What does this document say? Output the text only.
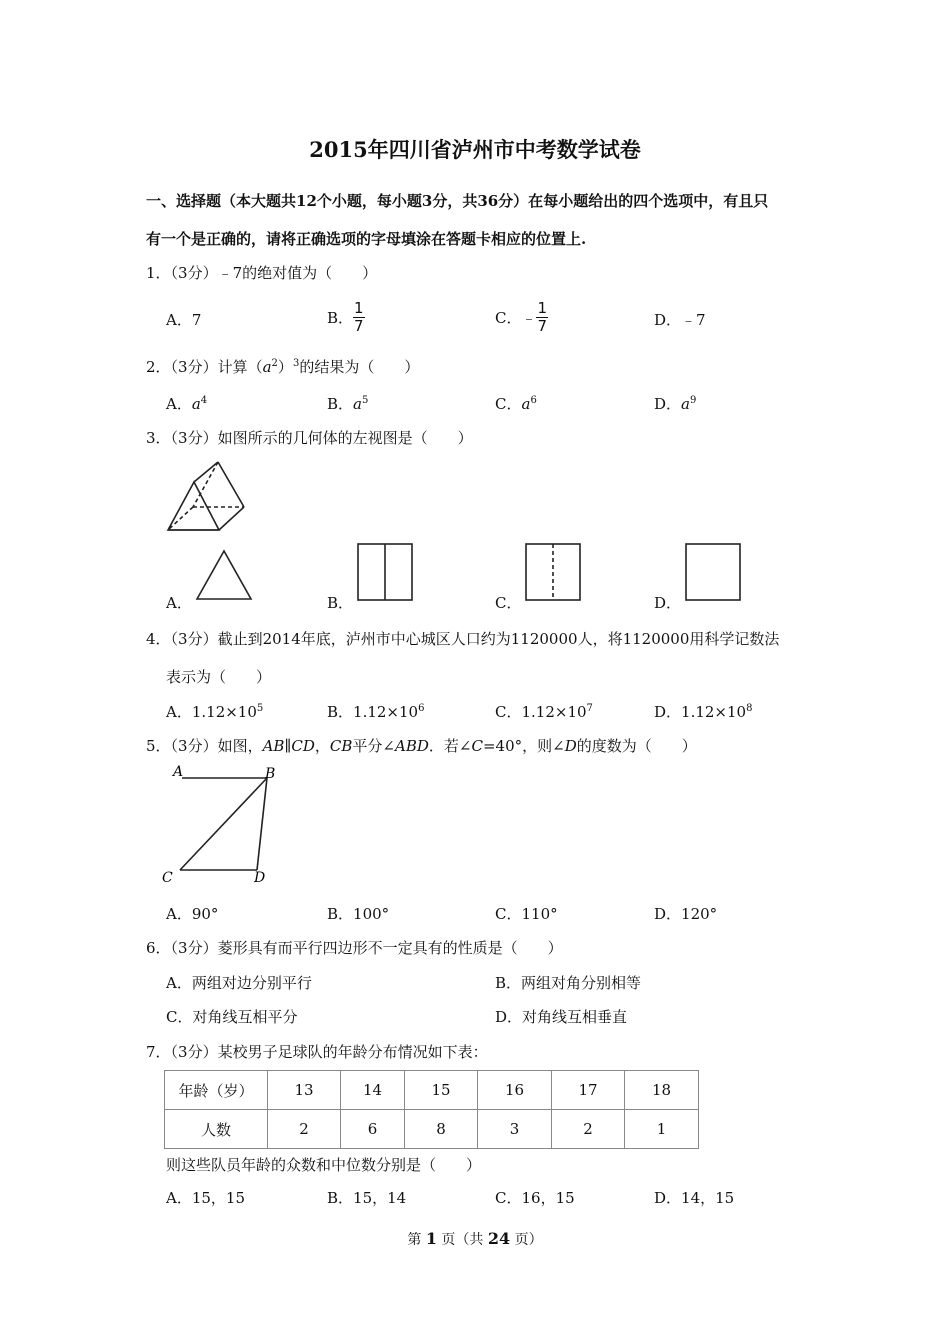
2015年四川省泸州市中考数学试卷
一、选择题（本大题共12个小题，每小题3分，共36分）在每小题给出的四个选项中，有且只
有一个是正确的，请将正确选项的字母填涂在答题卡相应的位置上.
1．（3分）﹣7的绝对值为（　　）
A．7	B． $\frac{1}{7}$	C．﹣ $\frac{1}{7}$	D．﹣7
2．（3分）计算$(a^2)^3$的结果为（　　）
A．$a^4$	B．$a^5$	C．$a^6$	D．$a^9$
3．（3分）如图所示的几何体的左视图是（　　）
A．	B．	C．	D．
4．（3分）截止到2014年底，泸州市中心城区人口约为1120000人，将1120000用科学记数法
表示为（　　）
A．$1.12\times 10^5$	B．$1.12\times 10^6$	C．$1.12\times 10^7$	D．$1.12\times 10^8$
5．（3分）如图，AB∥CD，CB平分∠ABD．若∠C=40°，则∠D的度数为（　　）
A	B
C	D
A．90°	B．100°	C．110°	D．120°
6．（3分）菱形具有而平行四边形不一定具有的性质是（　　）
A．两组对边分别平行	B．两组对角分别相等
C．对角线互相平分	D．对角线互相垂直
7．（3分）某校男子足球队的年龄分布情况如下表：
年龄（岁）	13	14	15	16	17	18
人数	2	6	8	3	2	1
则这些队员年龄的众数和中位数分别是（　　）
A．15，15	B．15，14	C．16，15	D．14，15
第 1 页（共 24 页）
